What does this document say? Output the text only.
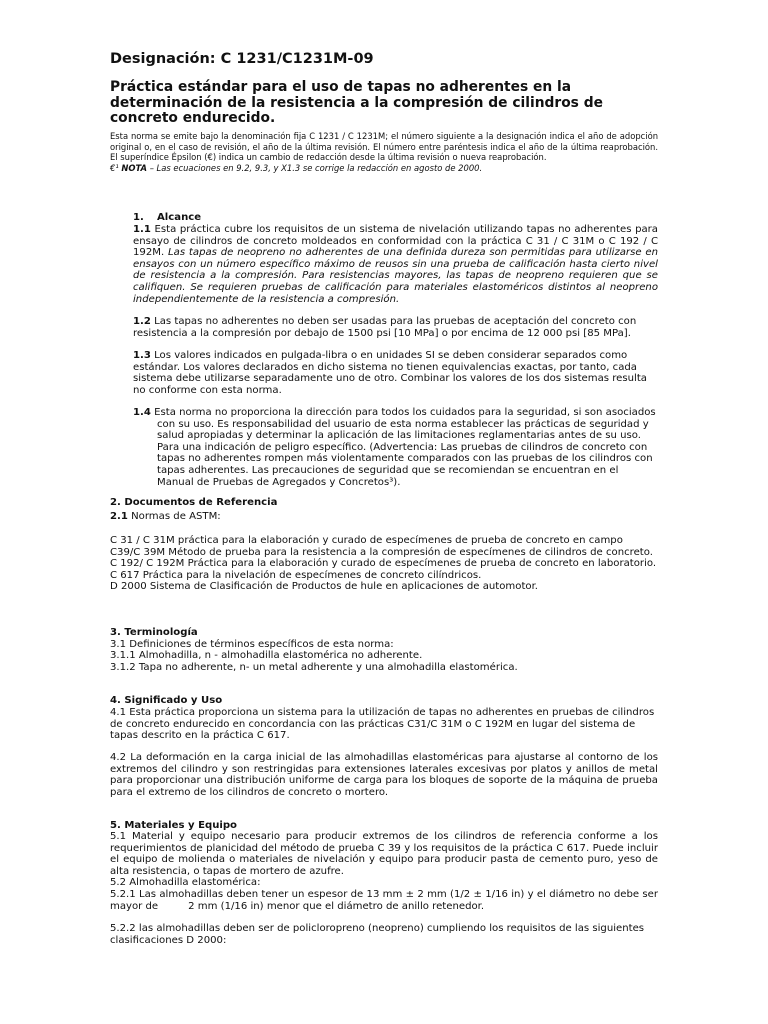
Designación: C 1231/C1231M-09
Práctica estándar para el uso de tapas no adherentes en la determinación de la resistencia a la compresión de cilindros de concreto endurecido.

Esta norma se emite bajo la denominación fija C 1231 / C 1231M; el número siguiente a la designación indica el año de adopción original o, en el caso de revisión, el año de la última revisión. El número entre paréntesis indica el año de la última reaprobación. El superíndice Épsilon (€) indica un cambio de redacción desde la última revisión o nueva reaprobación.

€¹ NOTA – Las ecuaciones en 9.2, 9.3, y X1.3 se corrige la redacción en agosto de 2000.

1. Alcance
1.1 Esta práctica cubre los requisitos de un sistema de nivelación utilizando tapas no adherentes para ensayo de cilindros de concreto moldeados en conformidad con la práctica C 31 / C 31M o C 192 / C 192M. Las tapas de neopreno no adherentes de una definida dureza son permitidas para utilizarse en ensayos con un número específico máximo de reusos sin una prueba de calificación hasta cierto nivel de resistencia a la compresión. Para resistencias mayores, las tapas de neopreno requieren que se califiquen. Se requieren pruebas de calificación para materiales elastoméricos distintos al neopreno independientemente de la resistencia a compresión.
1.2 Las tapas no adherentes no deben ser usadas para las pruebas de aceptación del concreto con resistencia a la compresión por debajo de 1500 psi [10 MPa] o por encima de 12 000 psi [85 MPa].
1.3 Los valores indicados en pulgada-libra o en unidades SI se deben considerar separados como estándar. Los valores declarados en dicho sistema no tienen equivalencias exactas, por tanto, cada sistema debe utilizarse separadamente uno de otro. Combinar los valores de los dos sistemas resulta no conforme con esta norma.
1.4 Esta norma no proporciona la dirección para todos los cuidados para la seguridad, si son asociados con su uso. Es responsabilidad del usuario de esta norma establecer las prácticas de seguridad y salud apropiadas y determinar la aplicación de las limitaciones reglamentarias antes de su uso. Para una indicación de peligro específico. (Advertencia: Las pruebas de cilindros de concreto con tapas no adherentes rompen más violentamente comparados con las pruebas de los cilindros con tapas adherentes. Las precauciones de seguridad que se recomiendan se encuentran en el Manual de Pruebas de Agregados y Concretos³).
2. Documentos de Referencia
2.1 Normas de ASTM:

C 31 / C 31M práctica para la elaboración y curado de especímenes de prueba de concreto en campo

C39/C 39M Método de prueba para la resistencia a la compresión de especímenes de cilindros de concreto.

C 192/ C 192M Práctica para la elaboración y curado de especímenes de prueba de concreto en laboratorio.

C 617 Práctica para la nivelación de especímenes de concreto cilíndricos.

D 2000 Sistema de Clasificación de Productos de hule en aplicaciones de automotor.

3. Terminología

3.1 Definiciones de términos específicos de esta norma:

3.1.1 Almohadilla, n - almohadilla elastomérica no adherente.

3.1.2 Tapa no adherente, n- un metal adherente y una almohadilla elastomérica.

4. Significado y Uso
4.1 Esta práctica proporciona un sistema para la utilización de tapas no adherentes en pruebas de cilindros de concreto endurecido en concordancia con las prácticas C31/C 31M o C 192M en lugar del sistema de tapas descrito en la práctica C 617.
4.2 La deformación en la carga inicial de las almohadillas elastoméricas para ajustarse al contorno de los extremos del cilindro y son restringidas para extensiones laterales excesivas por platos y anillos de metal para proporcionar una distribución uniforme de carga para los bloques de soporte de la máquina de prueba para el extremo de los cilindros de concreto o mortero.
5. Materiales y Equipo

5.1 Material y equipo necesario para producir extremos de los cilindros de referencia conforme a los requerimientos de planicidad del método de prueba C 39 y los requisitos de la práctica C 617. Puede incluir el equipo de molienda o materiales de nivelación y equipo para producir pasta de cemento puro, yeso de alta resistencia, o tapas de mortero de azufre.

5.2 Almohadilla elastomérica:

5.2.1 Las almohadillas deben tener un espesor de 13 mm ± 2 mm (1/2 ± 1/16 in) y el diámetro no debe ser mayor de	2 mm (1/16 in) menor que el diámetro de anillo retenedor.

5.2.2 las almohadillas deben ser de policloropreno (neopreno) cumpliendo los requisitos de las siguientes clasificaciones D 2000:
